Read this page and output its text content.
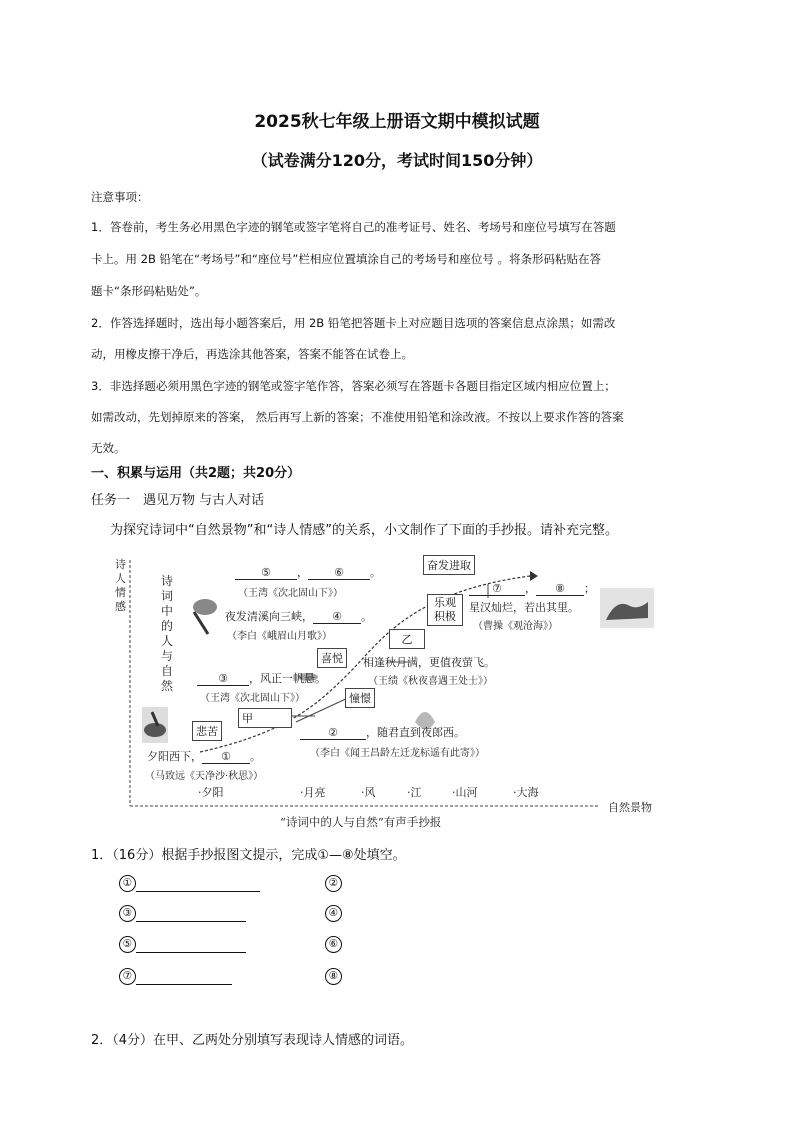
2025秋七年级上册语文期中模拟试题
（试卷满分120分，考试时间150分钟）
注意事项：
1．答卷前，考生务必用黑色字迹的钢笔或签字笔将自己的准考证号、姓名、考场号和座位号填写在答题
卡上。用 2B 铅笔在“考场号”和“座位号”栏相应位置填涂自己的考场号和座位号 。将条形码粘贴在答
题卡“条形码粘贴处”。
2．作答选择题时，选出每小题答案后，用 2B 铅笔把答题卡上对应题目选项的答案信息点涂黑；如需改
动，用橡皮擦干净后，再选涂其他答案，答案不能答在试卷上。
3．非选择题必须用黑色字迹的钢笔或签字笔作答，答案必须写在答题卡各题目指定区域内相应位置上；
如需改动，先划掉原来的答案， 然后再写上新的答案；不准使用铅笔和涂改液。不按以上要求作答的答案
无效。
一、积累与运用（共2题；共20分）
任务一　遇见万物 与古人对话
为探究诗词中“自然景物”和“诗人情感”的关系，小文制作了下面的手抄报。请补充完整。
诗人情感
自然景物
诗词中的人与自然
“诗词中的人与自然”有声手抄报
奋发进取
乐观积极
乙
喜悦
憧憬
甲
悲苦
⑤ ， ⑥ 。
（王湾《次北固山下》）
夜发清溪向三峡， ④ 。
（李白《峨眉山月歌》）
⑦ ， ⑧ ；
星汉灿烂，若出其里。
（曹操《观沧海》）
相逢秋月满，更值夜萤飞。
（王绩《秋夜喜遇王处士》）
③ ，风正一帆悬。
（王湾《次北固山下》）
②	，随君直到夜郎西。
（李白《闻王昌龄左迁龙标遥有此寄》）
夕阳西下， ① 。
（马致远《天净沙·秋思》）
·夕阳	·月亮	·风	·江	·山河	·大海
1．（16分）根据手抄报图文提示，完成①—⑧处填空。
①	②
③	④
⑤	⑥
⑦	⑧
2．（4分）在甲、乙两处分别填写表现诗人情感的词语。
